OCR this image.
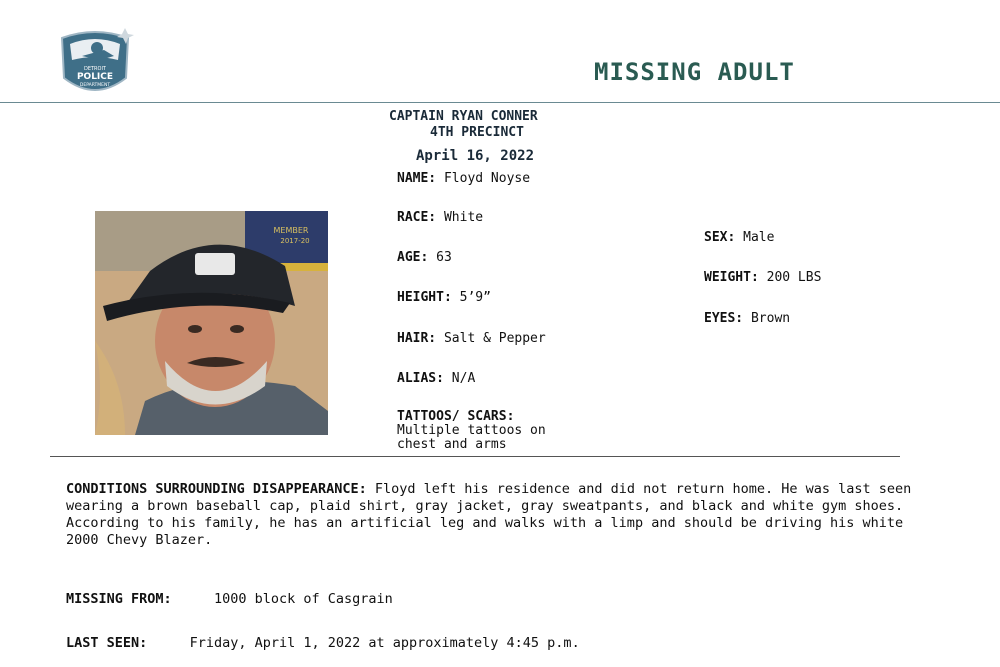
DETROIT
POLICE
DEPARTMENT	MISSING ADULT
CAPTAIN RYAN CONNER
4TH PRECINCT
April 16, 2022
NAME: Floyd Noyse
RACE: White
AGE: 63
HEIGHT: 5’9”
HAIR: Salt & Pepper
ALIAS: N/A
TATTOOS/ SCARS:
Multiple tattoos on
chest and arms
SEX: Male
WEIGHT: 200 LBS
EYES: Brown
MEMBER
2017-20
CONDITIONS SURROUNDING DISAPPEARANCE: Floyd left his residence and did not return home. He was last seen wearing a brown baseball cap, plaid shirt, gray jacket, gray sweatpants, and black and white gym shoes. According to his family, he has an artificial leg and walks with a limp and should be driving his white 2000 Chevy Blazer.
MISSING FROM:	1000 block of Casgrain
LAST SEEN:	Friday, April 1, 2022 at approximately 4:45 p.m.
